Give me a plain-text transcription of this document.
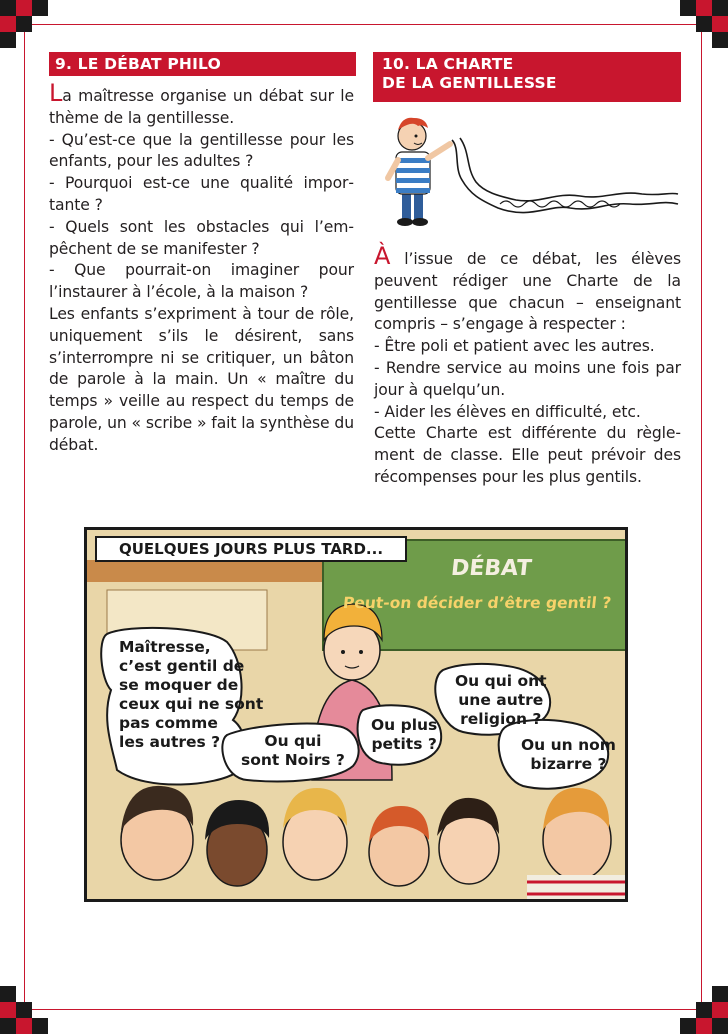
9. LE DÉBAT PHILO

La maîtresse organise un débat sur le thème de la gentillesse.

- Qu’est-ce que la gentillesse pour les enfants, pour les adultes ?

- Pourquoi est-ce une qualité importante ?

- Quels sont les obstacles qui l’empêchent de se manifester ?

- Que pourrait-on imaginer pour l’instaurer à l’école, à la maison ?

Les enfants s’expriment à tour de rôle, uniquement s’ils le désirent, sans s’interrompre ni se critiquer, un bâton de parole à la main. Un « maître du temps » veille au respect du temps de parole, un « scribe » fait la synthèse du débat.

10. LA CHARTE
DE LA GENTILLESSE

À l’issue de ce débat, les élèves peuvent rédiger une Charte de la gentillesse que chacun – enseignant compris – s’engage à respecter :

- Être poli et patient avec les autres.

- Rendre service au moins une fois par jour à quelqu’un.

- Aider les élèves en difficulté, etc.

Cette Charte est différente du règlement de classe. Elle peut prévoir des récompenses pour les plus gentils.

QUELQUES JOURS PLUS TARD...
DÉBAT
Peut-on décider d’être gentil ?
Maîtresse,
c’est gentil de
se moquer de
ceux qui ne sont
pas comme
les autres ?	Ou qui
sont Noirs ?
Ou plus
petits ?
Ou qui ont
une autre
religion ?
Ou un nom
bizarre ?
